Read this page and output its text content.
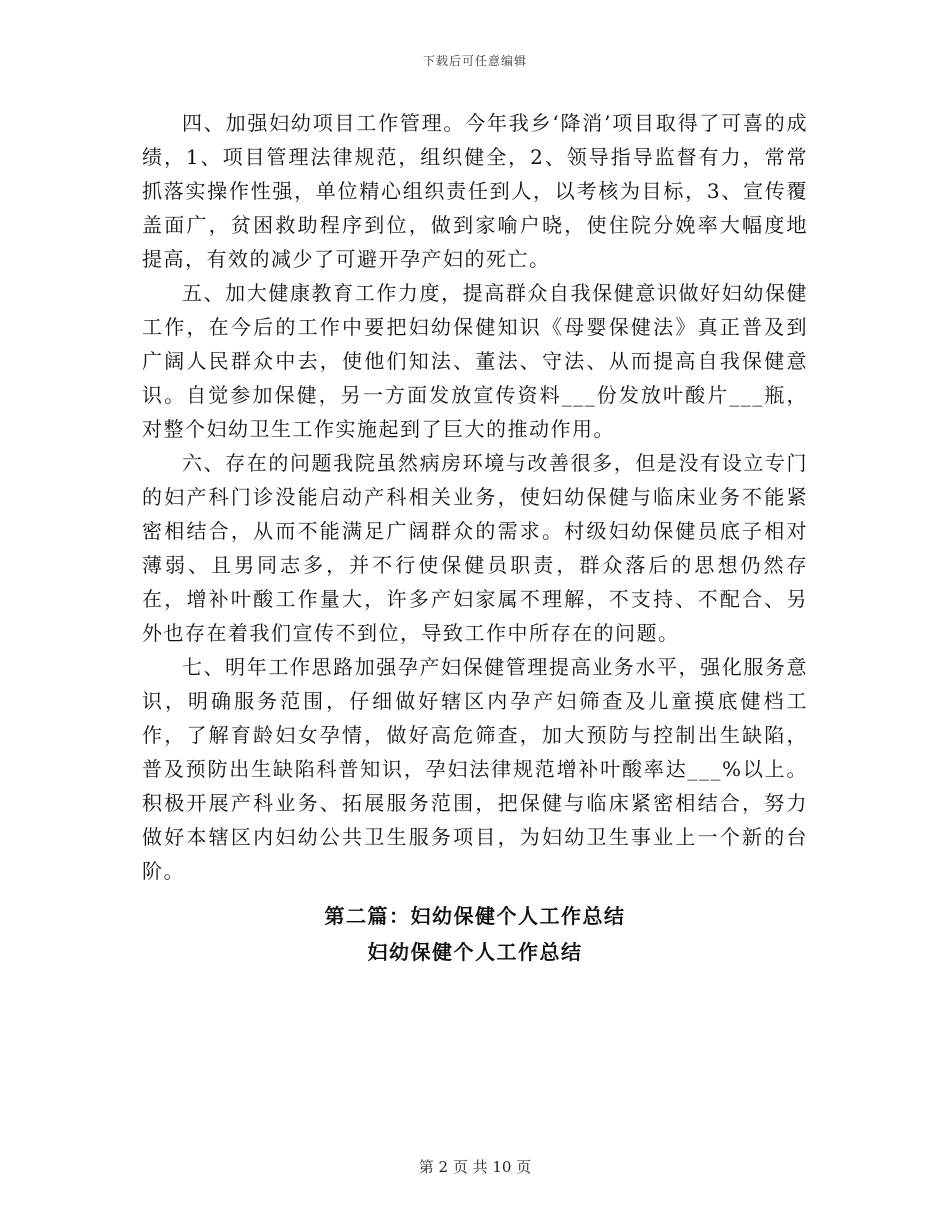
下载后可任意编辑

四、加强妇幼项目工作管理。今年我乡‘降消’项目取得了可喜的成绩，1、项目管理法律规范，组织健全，2、领导指导监督有力，常常抓落实操作性强，单位精心组织责任到人，以考核为目标，3、宣传覆盖面广，贫困救助程序到位，做到家喻户晓，使住院分娩率大幅度地提高，有效的减少了可避开孕产妇的死亡。

五、加大健康教育工作力度，提高群众自我保健意识做好妇幼保健工作，在今后的工作中要把妇幼保健知识《母婴保健法》真正普及到广阔人民群众中去，使他们知法、董法、守法、从而提高自我保健意识。自觉参加保健，另一方面发放宣传资料___份发放叶酸片___瓶，对整个妇幼卫生工作实施起到了巨大的推动作用。

六、存在的问题我院虽然病房环境与改善很多，但是没有设立专门的妇产科门诊没能启动产科相关业务，使妇幼保健与临床业务不能紧密相结合，从而不能满足广阔群众的需求。村级妇幼保健员底子相对薄弱、且男同志多，并不行使保健员职责，群众落后的思想仍然存在，增补叶酸工作量大，许多产妇家属不理解，不支持、不配合、另外也存在着我们宣传不到位，导致工作中所存在的问题。

七、明年工作思路加强孕产妇保健管理提高业务水平，强化服务意识，明确服务范围，仔细做好辖区内孕产妇筛查及儿童摸底健档工作，了解育龄妇女孕情，做好高危筛查，加大预防与控制出生缺陷，普及预防出生缺陷科普知识，孕妇法律规范增补叶酸率达___%以上。积极开展产科业务、拓展服务范围，把保健与临床紧密相结合，努力做好本辖区内妇幼公共卫生服务项目，为妇幼卫生事业上一个新的台阶。

第二篇：妇幼保健个人工作总结
妇幼保健个人工作总结
第 2 页 共 10 页
